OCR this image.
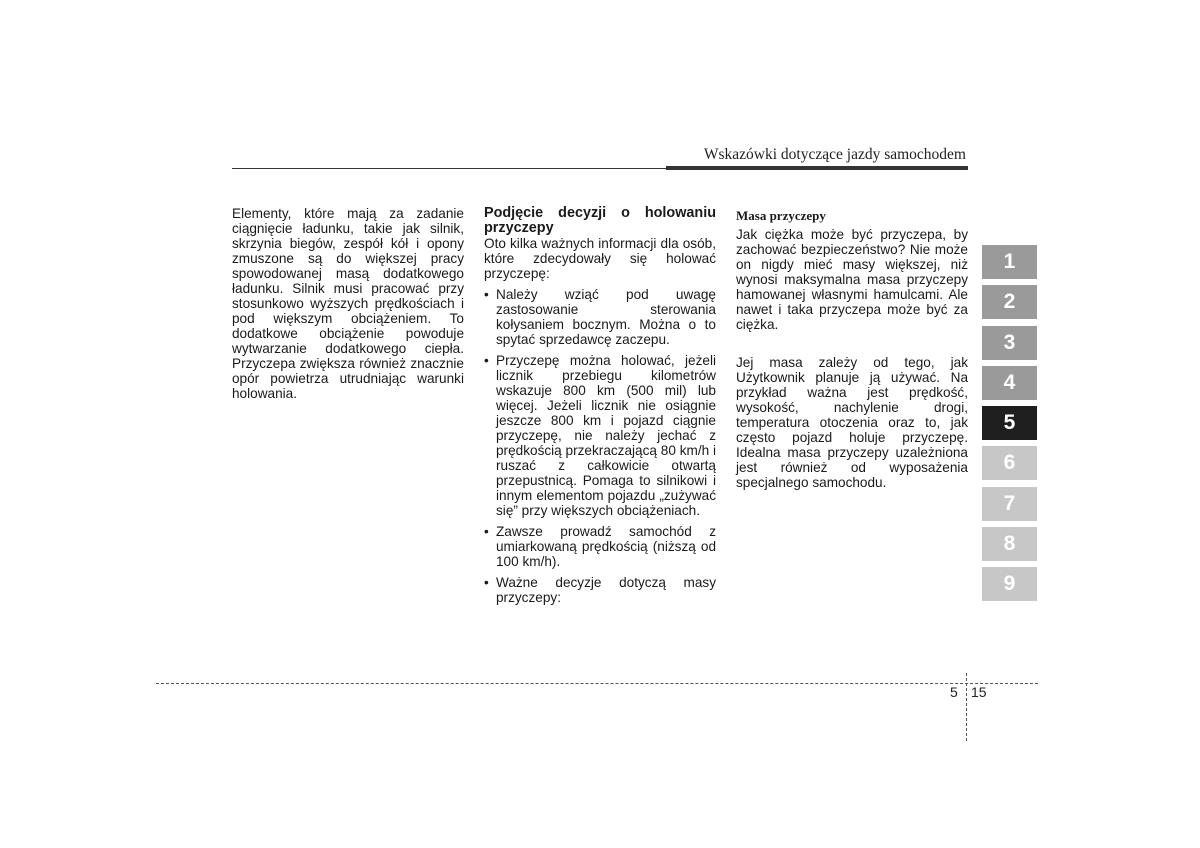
Wskazówki dotyczące jazdy samochodem

Elementy, które mają za zadanie ciągnięcie ładunku, takie jak silnik, skrzynia biegów, zespół kół i opony zmuszone są do większej pracy spowodowanej masą dodatkowego ładunku. Silnik musi pracować przy stosunkowo wyższych prędkościach i pod większym obciążeniem. To dodatkowe obciążenie powoduje wytwarzanie dodatkowego ciepła. Przyczepa zwiększa również znacznie opór powietrza utrudniając warunki holowania.

Podjęcie decyzji o holowaniu przyczepy

Oto kilka ważnych informacji dla osób, które zdecydowały się holować przyczepę:

• Należy wziąć pod uwagę zastosowanie sterowania kołysaniem bocznym. Można o to spytać sprzedawcę zaczepu.
• Przyczepę można holować, jeżeli licznik przebiegu kilometrów wskazuje 800 km (500 mil) lub więcej. Jeżeli licznik nie osiągnie jeszcze 800 km i pojazd ciągnie przyczepę, nie należy jechać z prędkością przekraczającą 80 km/h i ruszać z całkowicie otwartą przepustnicą. Pomaga to silnikowi i innym elementom pojazdu „zużywać się” przy większych obciążeniach.
• Zawsze prowadź samochód z umiarkowaną prędkością (niższą od 100 km/h).
• Ważne decyzje dotyczą masy przyczepy:

Masa przyczepy

Jak ciężka może być przyczepa, by zachować bezpieczeństwo? Nie może on nigdy mieć masy większej, niż wynosi maksymalna masa przyczepy hamowanej własnymi hamulcami. Ale nawet i taka przyczepa może być za ciężka.

Jej masa zależy od tego, jak Użytkownik planuje ją używać. Na przykład ważna jest prędkość, wysokość, nachylenie drogi, temperatura otoczenia oraz to, jak często pojazd holuje przyczepę. Idealna masa przyczepy uzależniona jest również od wyposażenia specjalnego samochodu.

1
2
3
4
5
6
7
8
9
5 15
